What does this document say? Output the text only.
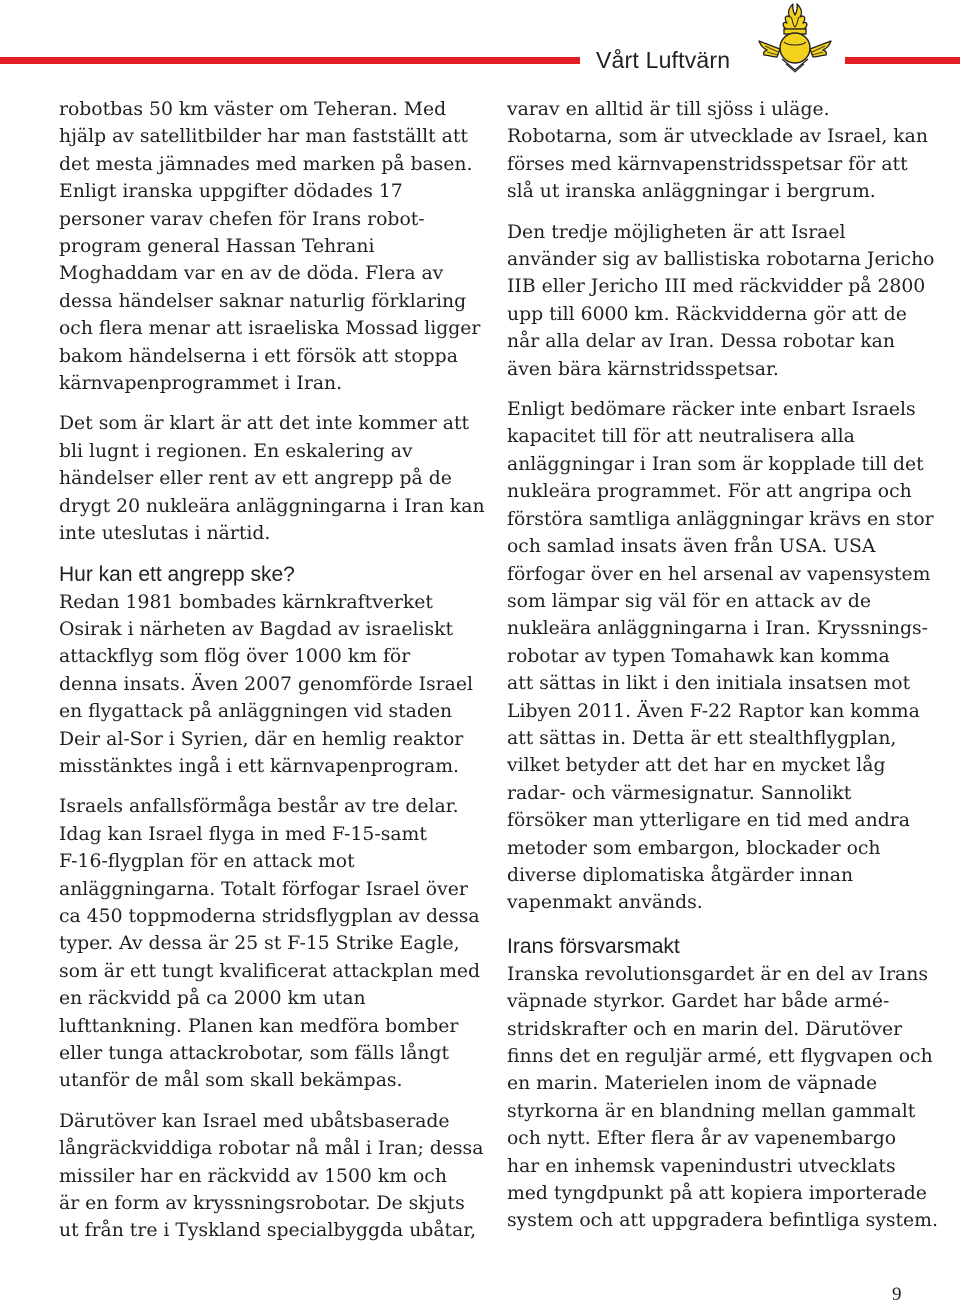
Vårt Luftvärn

robotbas 50 km väster om Teheran. Med
hjälp av satellitbilder har man fastställt att
det mesta jämnades med marken på basen.
Enligt iranska uppgifter dödades 17
personer varav chefen för Irans robot-
program general Hassan Tehrani
Moghaddam var en av de döda. Flera av
dessa händelser saknar naturlig förklaring
och flera menar att israeliska Mossad ligger
bakom händelserna i ett försök att stoppa
kärnvapenprogrammet i Iran.

Det som är klart är att det inte kommer att
bli lugnt i regionen. En eskalering av
händelser eller rent av ett angrepp på de
drygt 20 nukleära anläggningarna i Iran kan
inte uteslutas i närtid.

Hur kan ett angrepp ske?

Redan 1981 bombades kärnkraftverket
Osirak i närheten av Bagdad av israeliskt
attackflyg som flög över 1000 km för
denna insats. Även 2007 genomförde Israel
en flygattack på anläggningen vid staden
Deir al-Sor i Syrien, där en hemlig reaktor
misstänktes ingå i ett kärnvapenprogram.

Israels anfallsförmåga består av tre delar.
Idag kan Israel flyga in med F-15-samt
F-16-flygplan för en attack mot
anläggningarna. Totalt förfogar Israel över
ca 450 toppmoderna stridsflygplan av dessa
typer. Av dessa är 25 st F-15 Strike Eagle,
som är ett tungt kvalificerat attackplan med
en räckvidd på ca 2000 km utan
lufttankning. Planen kan medföra bomber
eller tunga attackrobotar, som fälls långt
utanför de mål som skall bekämpas.

Därutöver kan Israel med ubåtsbaserade
långräckviddiga robotar nå mål i Iran; dessa
missiler har en räckvidd av 1500 km och
är en form av kryssningsrobotar. De skjuts
ut från tre i Tyskland specialbyggda ubåtar,

varav en alltid är till sjöss i uläge.
Robotarna, som är utvecklade av Israel, kan
förses med kärnvapenstridsspetsar för att
slå ut iranska anläggningar i bergrum.

Den tredje möjligheten är att Israel
använder sig av ballistiska robotarna Jericho
IIB eller Jericho III med räckvidder på 2800
upp till 6000 km. Räckvidderna gör att de
når alla delar av Iran. Dessa robotar kan
även bära kärnstridsspetsar.

Enligt bedömare räcker inte enbart Israels
kapacitet till för att neutralisera alla
anläggningar i Iran som är kopplade till det
nukleära programmet. För att angripa och
förstöra samtliga anläggningar krävs en stor
och samlad insats även från USA. USA
förfogar över en hel arsenal av vapensystem
som lämpar sig väl för en attack av de
nukleära anläggningarna i Iran. Kryssnings-
robotar av typen Tomahawk kan komma
att sättas in likt i den initiala insatsen mot
Libyen 2011. Även F-22 Raptor kan komma
att sättas in. Detta är ett stealthflygplan,
vilket betyder att det har en mycket låg
radar- och värmesignatur. Sannolikt
försöker man ytterligare en tid med andra
metoder som embargon, blockader och
diverse diplomatiska åtgärder innan
vapenmakt används.

Irans försvarsmakt

Iranska revolutionsgardet är en del av Irans
väpnade styrkor. Gardet har både armé-
stridskrafter och en marin del. Därutöver
finns det en reguljär armé, ett flygvapen och
en marin. Materielen inom de väpnade
styrkorna är en blandning mellan gammalt
och nytt. Efter flera år av vapenembargo
har en inhemsk vapenindustri utvecklats
med tyngdpunkt på att kopiera importerade
system och att uppgradera befintliga system.

9
